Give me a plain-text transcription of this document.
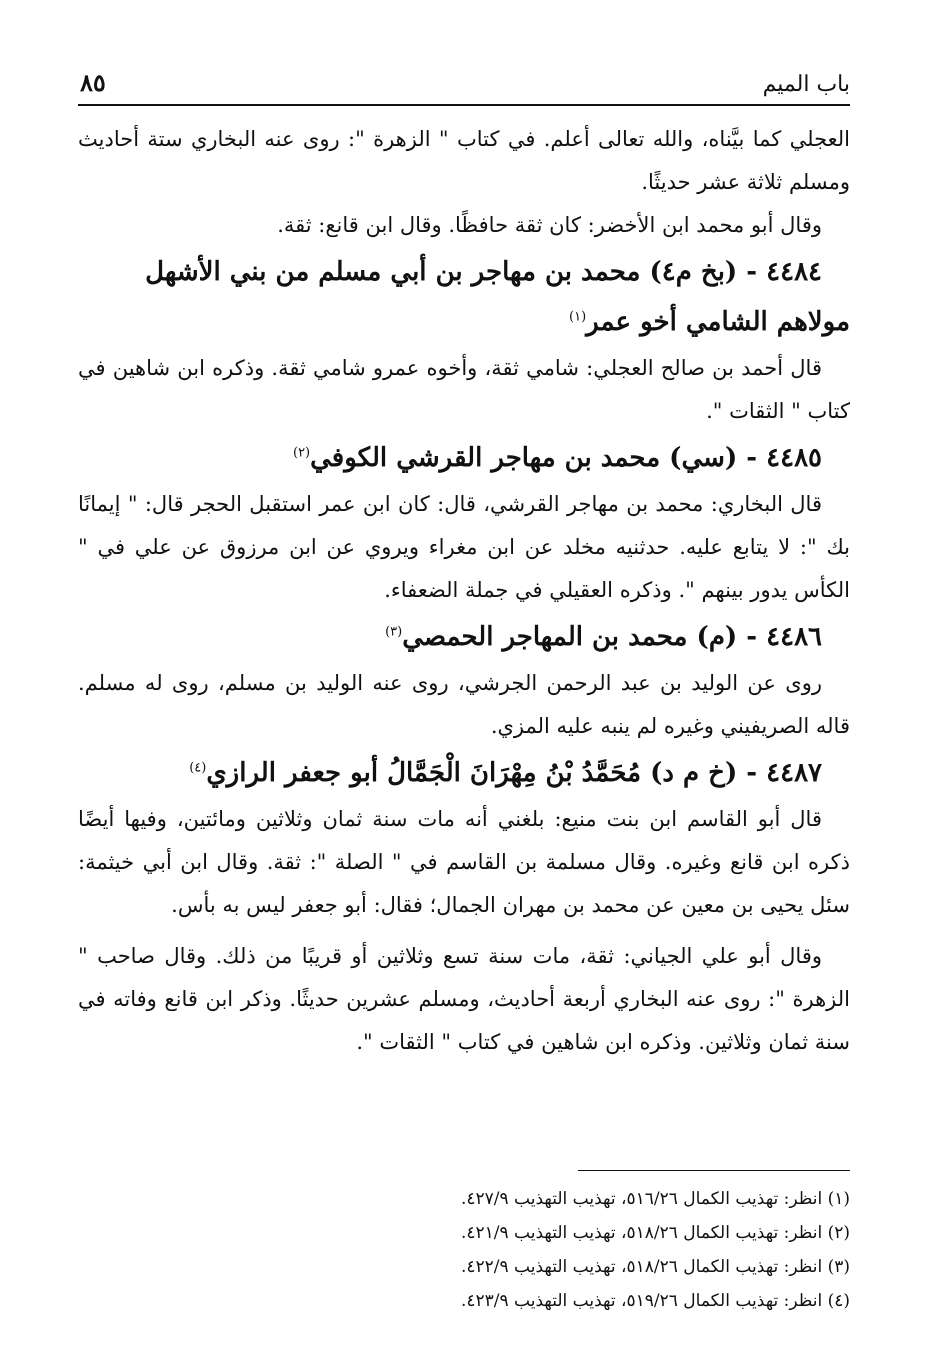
باب الميم
٨٥

العجلي كما بيَّناه، والله تعالى أعلم. في كتاب " الزهرة ": روى عنه البخاري ستة أحاديث ومسلم ثلاثة عشر حديثًا.

وقال أبو محمد ابن الأخضر: كان ثقة حافظًا. وقال ابن قانع: ثقة.

٤٤٨٤ - (بخ م٤) محمد بن مهاجر بن أبي مسلم من بني الأشهل مولاهم الشامي أخو عمر$^{(١)}$

قال أحمد بن صالح العجلي: شامي ثقة، وأخوه عمرو شامي ثقة. وذكره ابن شاهين في كتاب " الثقات ".

٤٤٨٥ - (سي) محمد بن مهاجر القرشي الكوفي$^{(٢)}$

قال البخاري: محمد بن مهاجر القرشي، قال: كان ابن عمر استقبل الحجر قال: " إيمانًا بك ": لا يتابع عليه. حدثنيه مخلد عن ابن مغراء ويروي عن ابن مرزوق عن علي في " الكأس يدور بينهم ". وذكره العقيلي في جملة الضعفاء.

٤٤٨٦ - (م) محمد بن المهاجر الحمصي$^{(٣)}$

روى عن الوليد بن عبد الرحمن الجرشي، روى عنه الوليد بن مسلم، روى له مسلم. قاله الصريفيني وغيره لم ينبه عليه المزي.

٤٤٨٧ - (خ م د) مُحَمَّدُ بْنُ مِهْرَانَ الْجَمَّالُ أبو جعفر الرازي$^{(٤)}$

قال أبو القاسم ابن بنت منيع: بلغني أنه مات سنة ثمان وثلاثين ومائتين، وفيها أيضًا ذكره ابن قانع وغيره. وقال مسلمة بن القاسم في " الصلة ": ثقة. وقال ابن أبي خيثمة: سئل يحيى بن معين عن محمد بن مهران الجمال؛ فقال: أبو جعفر ليس به بأس.

وقال أبو علي الجياني: ثقة، مات سنة تسع وثلاثين أو قريبًا من ذلك. وقال صاحب " الزهرة ": روى عنه البخاري أربعة أحاديث، ومسلم عشرين حديثًا. وذكر ابن قانع وفاته في سنة ثمان وثلاثين. وذكره ابن شاهين في كتاب " الثقات ".

(١) انظر: تهذيب الكمال ٥١٦/٢٦، تهذيب التهذيب ٤٢٧/٩.
(٢) انظر: تهذيب الكمال ٥١٨/٢٦، تهذيب التهذيب ٤٢١/٩.
(٣) انظر: تهذيب الكمال ٥١٨/٢٦، تهذيب التهذيب ٤٢٢/٩.
(٤) انظر: تهذيب الكمال ٥١٩/٢٦، تهذيب التهذيب ٤٢٣/٩.
